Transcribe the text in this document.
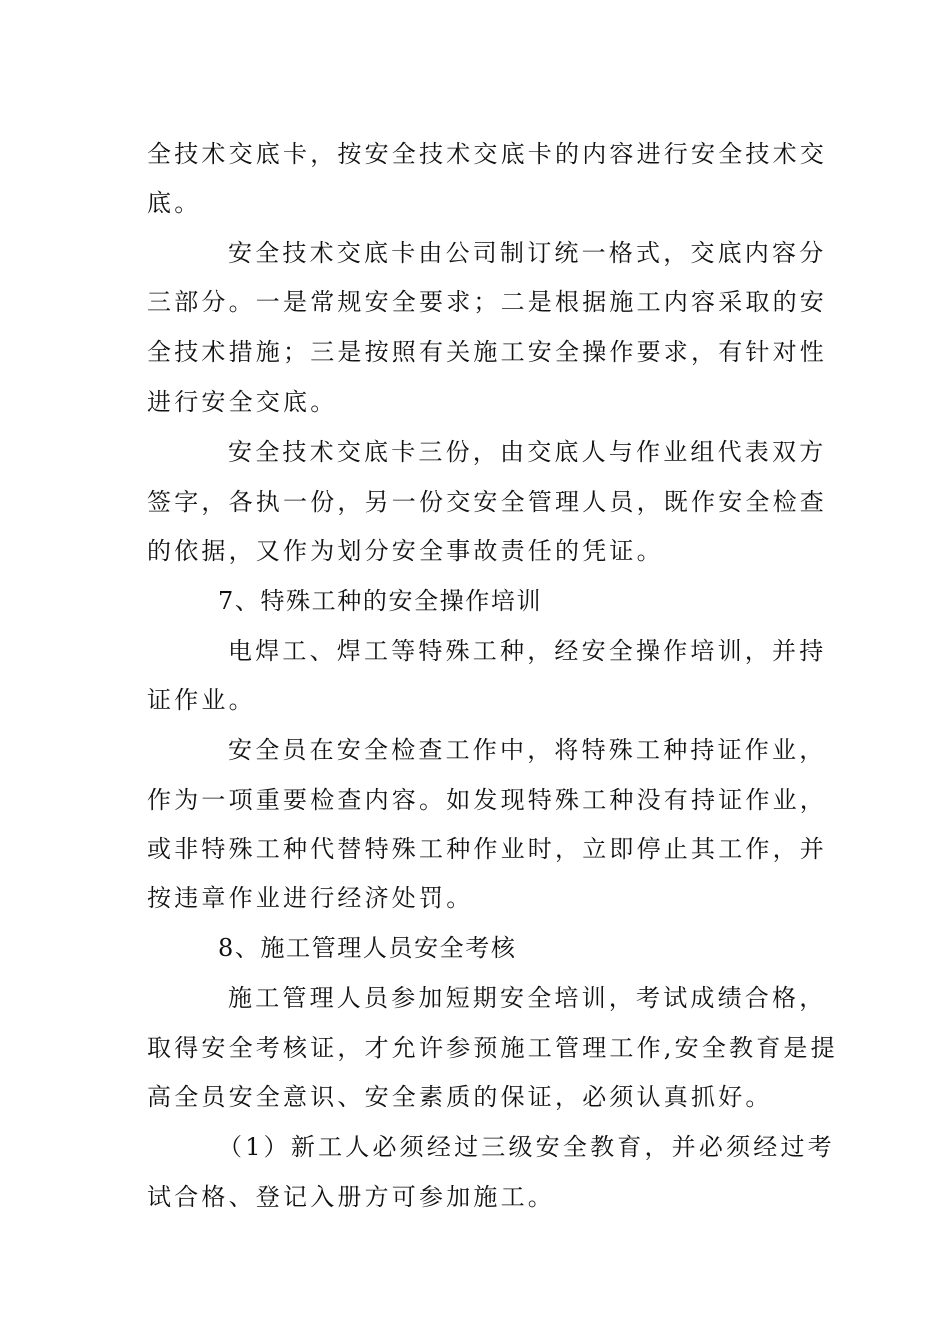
全技术交底卡，按安全技术交底卡的内容进行安全技术交
底。
安全技术交底卡由公司制订统一格式，交底内容分
三部分。一是常规安全要求；二是根据施工内容采取的安
全技术措施；三是按照有关施工安全操作要求，有针对性
进行安全交底。
安全技术交底卡三份，由交底人与作业组代表双方
签字，各执一份，另一份交安全管理人员，既作安全检查
的依据，又作为划分安全事故责任的凭证。
7、特殊工种的安全操作培训
电焊工、焊工等特殊工种，经安全操作培训，并持
证作业。
安全员在安全检查工作中，将特殊工种持证作业，
作为一项重要检查内容。如发现特殊工种没有持证作业，
或非特殊工种代替特殊工种作业时，立即停止其工作，并
按违章作业进行经济处罚。
8、施工管理人员安全考核
施工管理人员参加短期安全培训，考试成绩合格，
取得安全考核证，才允许参预施工管理工作,安全教育是提
高全员安全意识、安全素质的保证，必须认真抓好。
（1）新工人必须经过三级安全教育，并必须经过考
试合格、登记入册方可参加施工。
